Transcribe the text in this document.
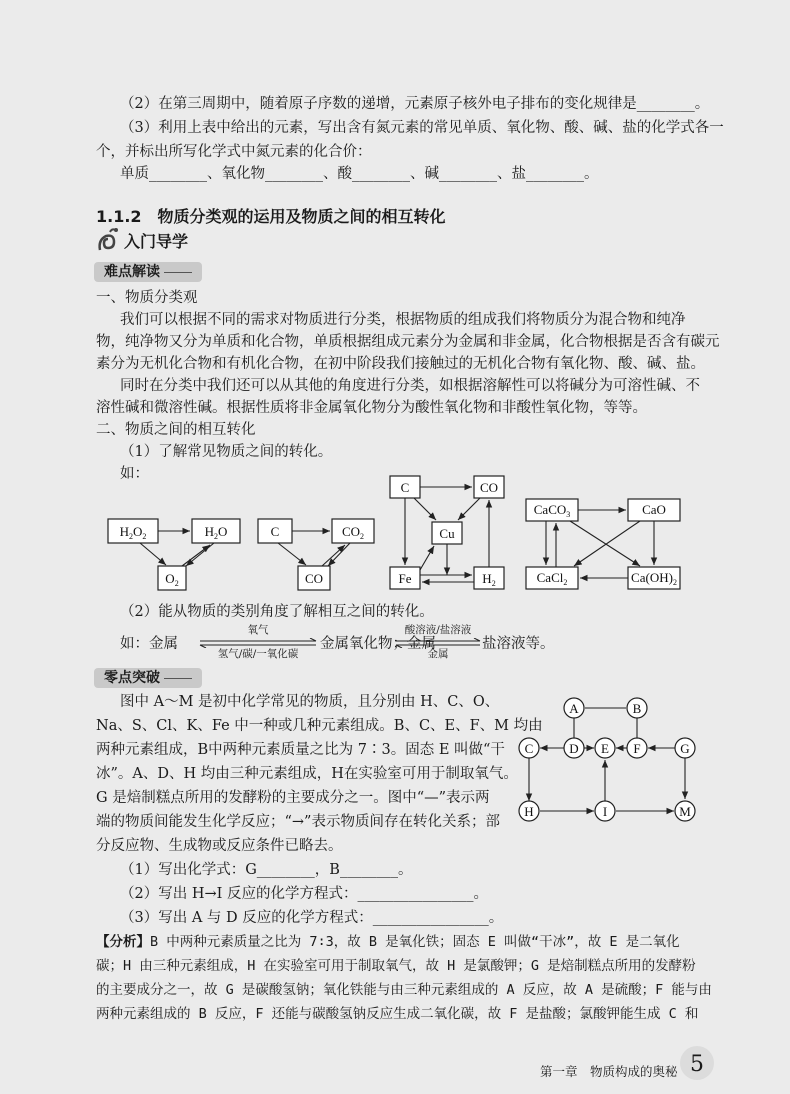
（2）在第三周期中，随着原子序数的递增，元素原子核外电子排布的变化规律是________。
（3）利用上表中给出的元素，写出含有氮元素的常见单质、氧化物、酸、碱、盐的化学式各一
个，并标出所写化学式中氮元素的化合价：
单质________、氧化物________、酸________、碱________、盐________。
1.1.2　物质分类观的运用及物质之间的相互转化
入门导学
难点解读
一、物质分类观
我们可以根据不同的需求对物质进行分类，根据物质的组成我们将物质分为混合物和纯净
物，纯净物又分为单质和化合物，单质根据组成元素分为金属和非金属，化合物根据是否含有碳元
素分为无机化合物和有机化合物，在初中阶段我们接触过的无机化合物有氧化物、酸、碱、盐。
同时在分类中我们还可以从其他的角度进行分类，如根据溶解性可以将碱分为可溶性碱、不
溶性碱和微溶性碱。根据性质将非金属氧化物分为酸性氧化物和非酸性氧化物，等等。
二、物质之间的相互转化
（1）了解常见物质之间的转化。
如：
$H_2O_2$	$H_2O$
$O_2$
C	$CO_2$
CO
C	CO
Cu
Fe	$H_2$
CaCO$_3$	CaO
CaCl$_2$	$Ca(OH)_2$
（2）能从物质的类别角度了解相互之间的转化。
如：金属
氧气
氢气/碳/一氧化碳
金属氧化物；金属
酸溶液/盐溶液
金属
盐溶液等。
零点突破
图中 A～M 是初中化学常见的物质，且分别由 H、C、O、
Na、S、Cl、K、Fe 中一种或几种元素组成。B、C、E、F、M 均由
两种元素组成，B中两种元素质量之比为 7∶3。固态 E 叫做“干
冰”。A、D、H 均由三种元素组成，H在实验室可用于制取氧气。
G 是焙制糕点所用的发酵粉的主要成分之一。图中“—”表示两
端的物质间能发生化学反应；“→”表示物质间存在转化关系；部
分反应物、生成物或反应条件已略去。
（1）写出化学式：G________，B________。
（2）写出 H→I 反应的化学方程式：________________。
（3）写出 A 与 D 反应的化学方程式：________________。
A	B
C	D E F	G
H	I	M
【分析】B 中两种元素质量之比为 7∶3，故 B 是氧化铁；固态 E 叫做“干冰”，故 E 是二氧化
碳；H 由三种元素组成，H 在实验室可用于制取氧气，故 H 是氯酸钾；G 是焙制糕点所用的发酵粉
的主要成分之一，故 G 是碳酸氢钠；氧化铁能与由三种元素组成的 A 反应，故 A 是硫酸；F 能与由
两种元素组成的 B 反应，F 还能与碳酸氢钠反应生成二氧化碳，故 F 是盐酸；氯酸钾能生成 C 和
第一章　物质构成的奥秘 5
